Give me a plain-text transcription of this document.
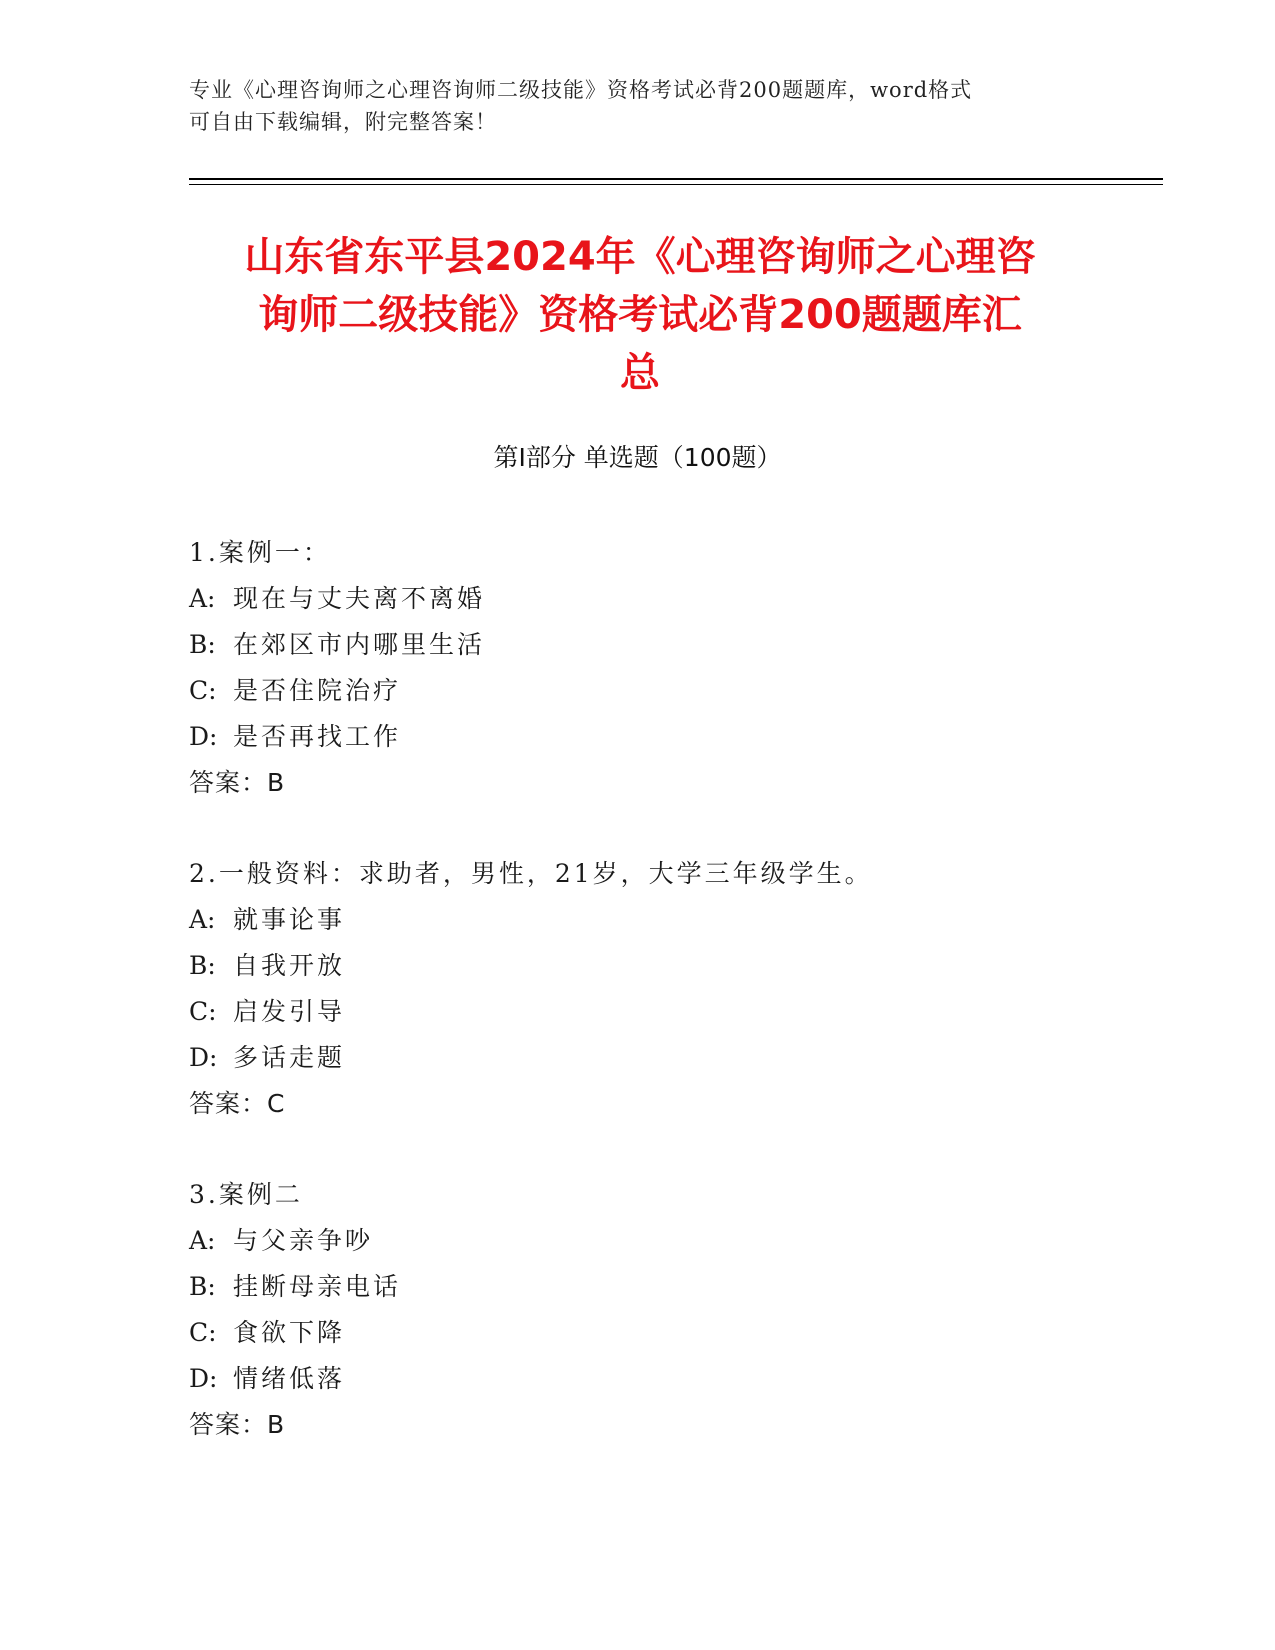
专业《心理咨询师之心理咨询师二级技能》资格考试必背200题题库，word格式
可自由下载编辑，附完整答案！
山东省东平县2024年《心理咨询师之心理咨
询师二级技能》资格考试必背200题题库汇
总
第Ⅰ部分 单选题（100题）
1.案例一：
A: 现在与丈夫离不离婚
B: 在郊区市内哪里生活
C: 是否住院治疗
D: 是否再找工作
答案：B
2.一般资料：求助者，男性，21岁，大学三年级学生。
A: 就事论事
B: 自我开放
C: 启发引导
D: 多话走题
答案：C
3.案例二
A: 与父亲争吵
B: 挂断母亲电话
C: 食欲下降
D: 情绪低落
答案：B
